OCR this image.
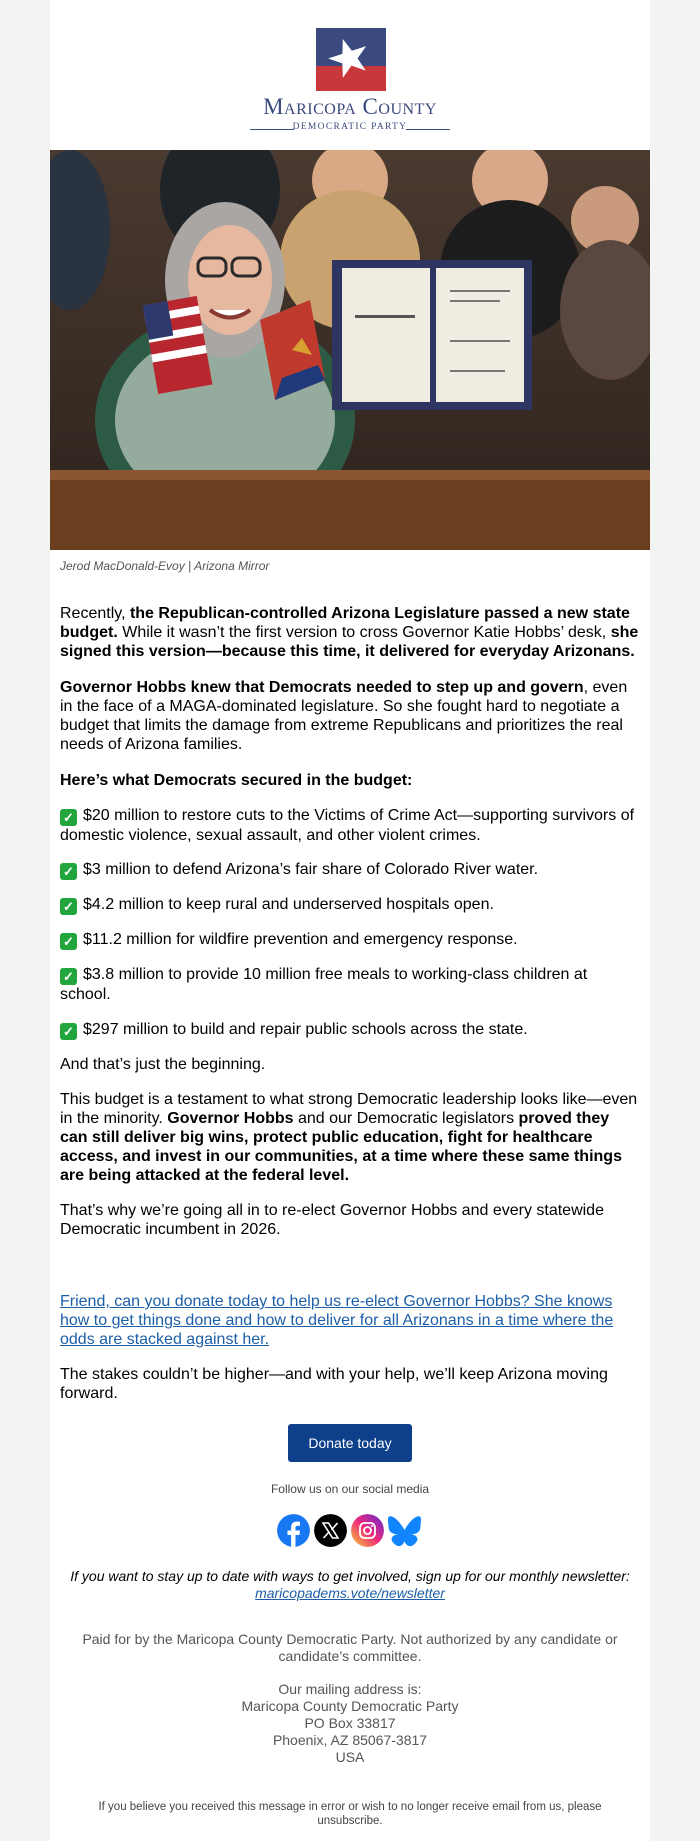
Maricopa County
DEMOCRATIC PARTY
Jerod MacDonald-Evoy | Arizona Mirror
Recently, the Republican-controlled Arizona Legislature passed a new state budget. While it wasn’t the first version to cross Governor Katie Hobbs’ desk, she signed this version—because this time, it delivered for everyday Arizonans.
Governor Hobbs knew that Democrats needed to step up and govern, even in the face of a MAGA-dominated legislature. So she fought hard to negotiate a budget that limits the damage from extreme Republicans and prioritizes the real needs of Arizona families.
Here’s what Democrats secured in the budget:
✓ $20 million to restore cuts to the Victims of Crime Act—supporting survivors of domestic violence, sexual assault, and other violent crimes.
✓ $3 million to defend Arizona’s fair share of Colorado River water.
✓ $4.2 million to keep rural and underserved hospitals open.
✓ $11.2 million for wildfire prevention and emergency response.
✓ $3.8 million to provide 10 million free meals to working-class children at school.
✓ $297 million to build and repair public schools across the state.
And that’s just the beginning.
This budget is a testament to what strong Democratic leadership looks like—even in the minority. Governor Hobbs and our Democratic legislators proved they can still deliver big wins, protect public education, fight for healthcare access, and invest in our communities, at a time where these same things are being attacked at the federal level.
That’s why we’re going all in to re-elect Governor Hobbs and every statewide Democratic incumbent in 2026.
Friend, can you donate today to help us re-elect Governor Hobbs? She knows how to get things done and how to deliver for all Arizonans in a time where the odds are stacked against her.
The stakes couldn’t be higher—and with your help, we’ll keep Arizona moving forward.
Donate today
Follow us on our social media
If you want to stay up to date with ways to get involved, sign up for our monthly newsletter: maricopadems.vote/newsletter
Paid for by the Maricopa County Democratic Party. Not authorized by any candidate or candidate’s committee.
Our mailing address is:
Maricopa County Democratic Party
PO Box 33817
Phoenix, AZ 85067-3817
USA
If you believe you received this message in error or wish to no longer receive email from us, please unsubscribe.
